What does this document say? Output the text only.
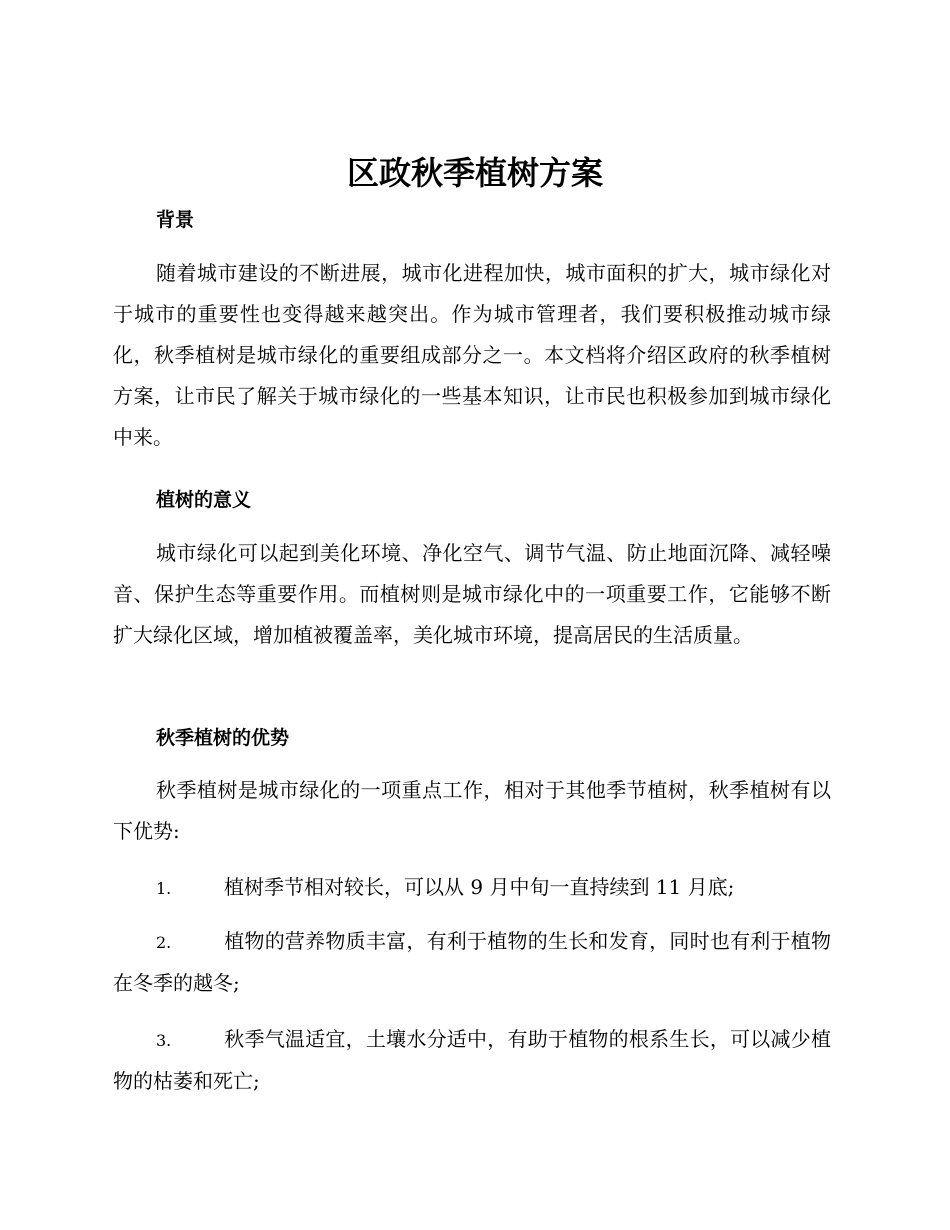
区政秋季植树方案
背景

随着城市建设的不断进展，城市化进程加快，城市面积的扩大，城市绿化对于城市的重要性也变得越来越突出。作为城市管理者，我们要积极推动城市绿化，秋季植树是城市绿化的重要组成部分之一。本文档将介绍区政府的秋季植树方案，让市民了解关于城市绿化的一些基本知识，让市民也积极参加到城市绿化中来。

植树的意义

城市绿化可以起到美化环境、净化空气、调节气温、防止地面沉降、减轻噪音、保护生态等重要作用。而植树则是城市绿化中的一项重要工作，它能够不断扩大绿化区域，增加植被覆盖率，美化城市环境，提高居民的生活质量。

秋季植树的优势

秋季植树是城市绿化的一项重点工作，相对于其他季节植树，秋季植树有以下优势:

1.	植树季节相对较长，可以从 9 月中旬一直持续到 11 月底;

2.	植物的营养物质丰富，有利于植物的生长和发育，同时也有利于植物在冬季的越冬;

3.	秋季气温适宜，土壤水分适中，有助于植物的根系生长，可以减少植物的枯萎和死亡;
